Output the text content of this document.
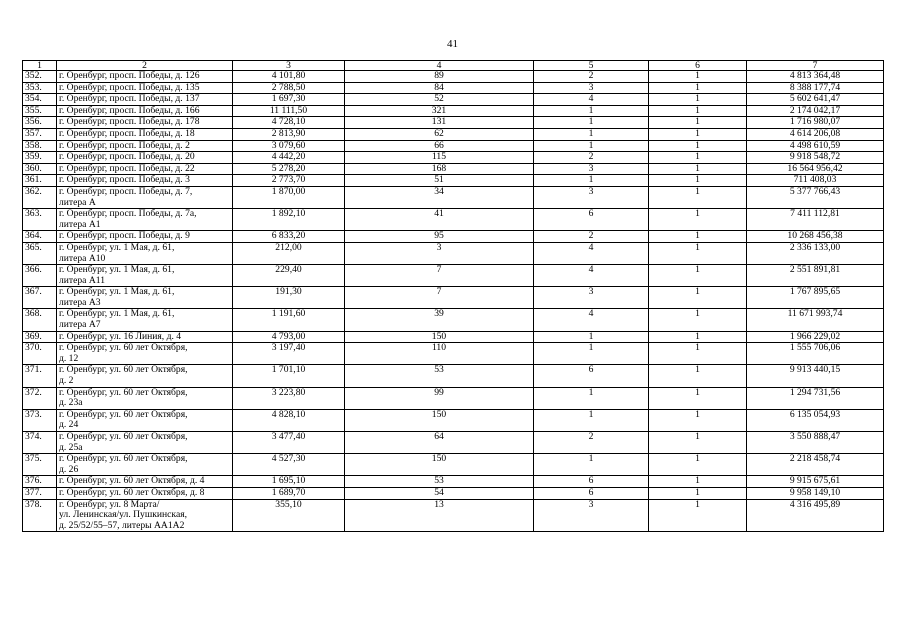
41
1	2	3	4	5	6	7
352.	г. Оренбург, просп. Победы, д. 126	4 101,80	89	2	1	4 813 364,48
353.	г. Оренбург, просп. Победы, д. 135	2 788,50	84	3	1	8 388 177,74
354.	г. Оренбург, просп. Победы, д. 137	1 697,30	52	4	1	5 602 641,47
355.	г. Оренбург, просп. Победы, д. 166	11 111,50	321	1	1	2 174 042,17
356.	г. Оренбург, просп. Победы, д. 178	4 728,10	131	1	1	1 716 980,07
357.	г. Оренбург, просп. Победы, д. 18	2 813,90	62	1	1	4 614 206,08
358.	г. Оренбург, просп. Победы, д. 2	3 079,60	66	1	1	4 498 610,59
359.	г. Оренбург, просп. Победы, д. 20	4 442,20	115	2	1	9 918 548,72
360.	г. Оренбург, просп. Победы, д. 22	5 278,20	168	3	1	16 564 956,42
361.	г. Оренбург, просп. Победы, д. 3	2 773,70	51	1	1	711 408,03
362.	г. Оренбург, просп. Победы, д. 7,
литера А	1 870,00	34	3	1	5 377 766,43
363.	г. Оренбург, просп. Победы, д. 7а,
литера А1	1 892,10	41	6	1	7 411 112,81
364.	г. Оренбург, просп. Победы, д. 9	6 833,20	95	2	1	10 268 456,38
365.	г. Оренбург, ул. 1 Мая, д. 61,
литера А10	212,00	3	4	1	2 336 133,00
366.	г. Оренбург, ул. 1 Мая, д. 61,
литера А11	229,40	7	4	1	2 551 891,81
367.	г. Оренбург, ул. 1 Мая, д. 61,
литера А3	191,30	7	3	1	1 767 895,65
368.	г. Оренбург, ул. 1 Мая, д. 61,
литера А7	1 191,60	39	4	1	11 671 993,74
369.	г. Оренбург, ул. 16 Линия, д. 4	4 793,00	150	1	1	1 966 229,02
370.	г. Оренбург, ул. 60 лет Октября,
д. 12	3 197,40	110	1	1	1 555 706,06
371.	г. Оренбург, ул. 60 лет Октября,
д. 2	1 701,10	53	6	1	9 913 440,15
372.	г. Оренбург, ул. 60 лет Октября,
д. 23а	3 223,80	99	1	1	1 294 731,56
373.	г. Оренбург, ул. 60 лет Октября,
д. 24	4 828,10	150	1	1	6 135 054,93
374.	г. Оренбург, ул. 60 лет Октября,
д. 25а	3 477,40	64	2	1	3 550 888,47
375.	г. Оренбург, ул. 60 лет Октября,
д. 26	4 527,30	150	1	1	2 218 458,74
376.	г. Оренбург, ул. 60 лет Октября, д. 4	1 695,10	53	6	1	9 915 675,61
377.	г. Оренбург, ул. 60 лет Октября, д. 8	1 689,70	54	6	1	9 958 149,10
378.	г. Оренбург, ул. 8 Марта/
ул. Ленинская/ул. Пушкинская,
д. 25/52/55–57, литеры АА1А2	355,10	13	3	1	4 316 495,89
